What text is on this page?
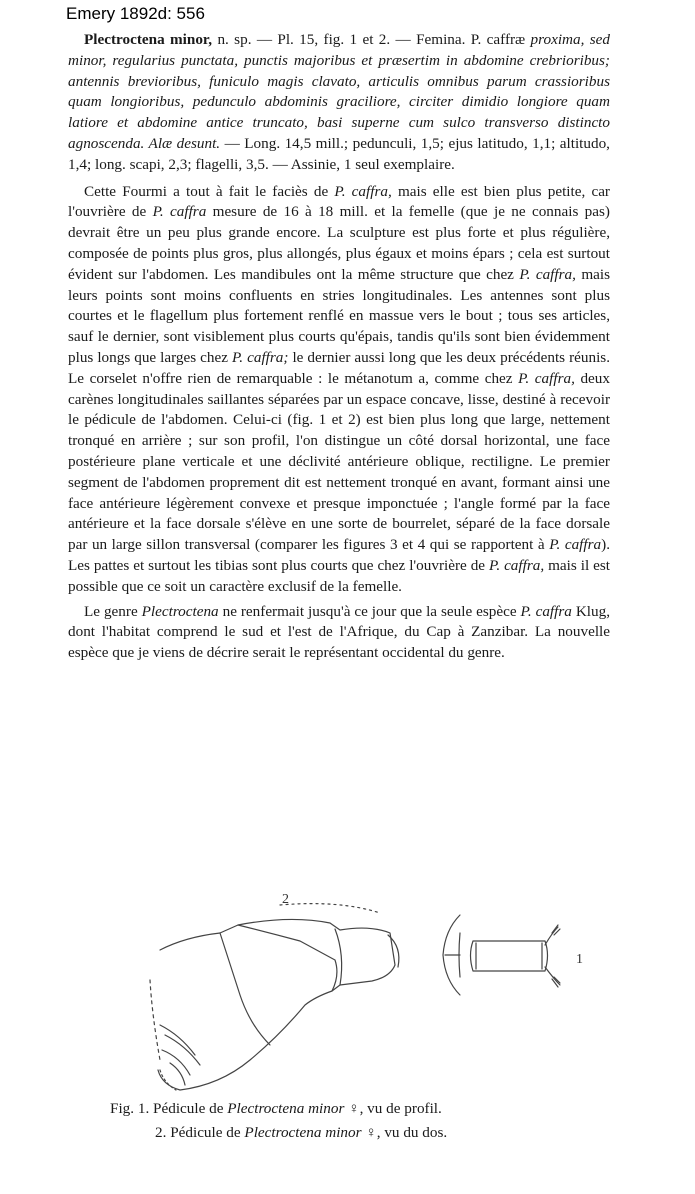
Emery 1892d: 556

Plectroctena minor, n. sp. — Pl. 15, fig. 1 et 2. — Femina. P. caffræ proxima, sed minor, regularius punctata, punctis majoribus et præsertim in abdomine crebrioribus; antennis brevioribus, funiculo magis clavato, articulis omnibus parum crassioribus quam longioribus, pedunculo abdominis graciliore, circiter dimidio longiore quam latiore et abdomine antice truncato, basi superne cum sulco transverso distincto agnoscenda. Alæ desunt. — Long. 14,5 mill.; pedunculi, 1,5; ejus latitudo, 1,1; altitudo, 1,4; long. scapi, 2,3; flagelli, 3,5. — Assinie, 1 seul exemplaire.

Cette Fourmi a tout à fait le faciès de P. caffra, mais elle est bien plus petite, car l'ouvrière de P. caffra mesure de 16 à 18 mill. et la femelle (que je ne connais pas) devrait être un peu plus grande encore. La sculpture est plus forte et plus régulière, composée de points plus gros, plus allongés, plus égaux et moins épars ; cela est surtout évident sur l'abdomen. Les mandibules ont la même structure que chez P. caffra, mais leurs points sont moins confluents en stries longitudinales. Les antennes sont plus courtes et le flagellum plus fortement renflé en massue vers le bout ; tous ses articles, sauf le dernier, sont visiblement plus courts qu'épais, tandis qu'ils sont bien évidemment plus longs que larges chez P. caffra; le dernier aussi long que les deux précédents réunis. Le corselet n'offre rien de remarquable : le métanotum a, comme chez P. caffra, deux carènes longitudinales saillantes séparées par un espace concave, lisse, destiné à recevoir le pédicule de l'abdomen. Celui-ci (fig. 1 et 2) est bien plus long que large, nettement tronqué en arrière ; sur son profil, l'on distingue un côté dorsal horizontal, une face postérieure plane verticale et une déclivité antérieure oblique, rectiligne. Le premier segment de l'abdomen proprement dit est nettement tronqué en avant, formant ainsi une face antérieure légèrement convexe et presque imponctuée ; l'angle formé par la face antérieure et la face dorsale s'élève en une sorte de bourrelet, séparé de la face dorsale par un large sillon transversal (comparer les figures 3 et 4 qui se rapportent à P. caffra). Les pattes et surtout les tibias sont plus courts que chez l'ouvrière de P. caffra, mais il est possible que ce soit un caractère exclusif de la femelle.

Le genre Plectroctena ne renfermait jusqu'à ce jour que la seule espèce P. caffra Klug, dont l'habitat comprend le sud et l'est de l'Afrique, du Cap à Zanzibar. La nouvelle espèce que je viens de décrire serait le représentant occidental du genre.

2
1
Fig. 1. Pédicule de Plectroctena minor ♀, vu de profil.
2. Pédicule de Plectroctena minor ♀, vu du dos.
